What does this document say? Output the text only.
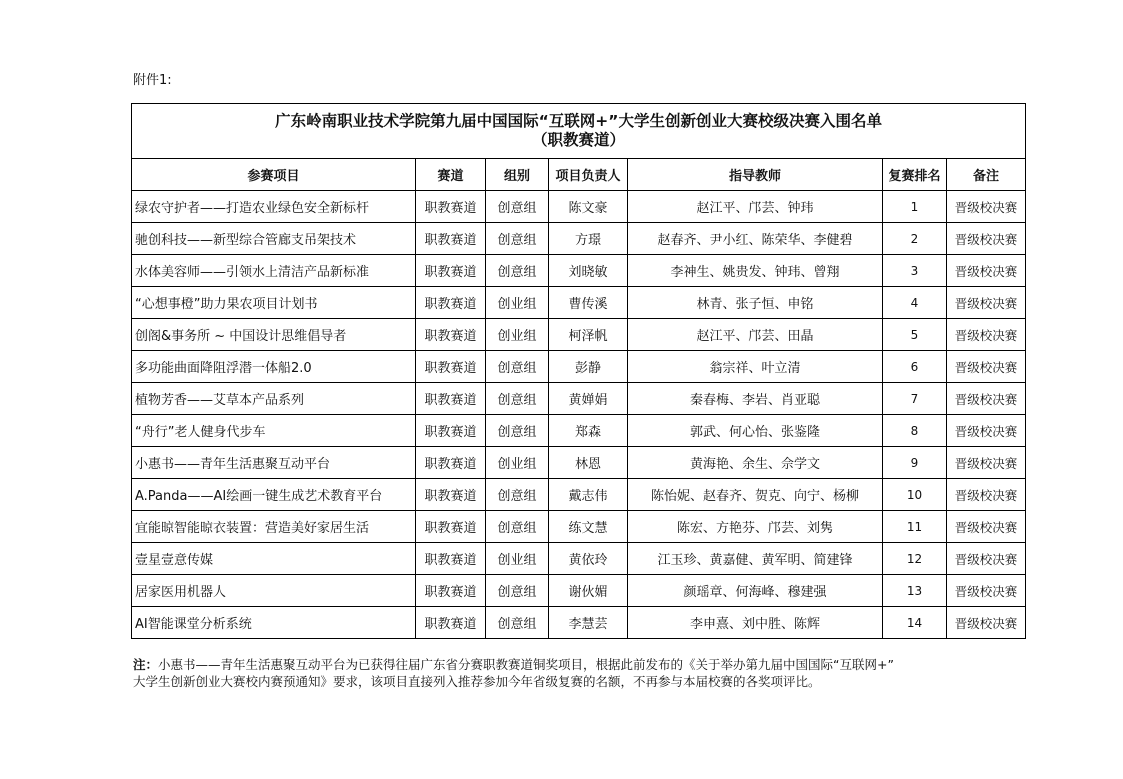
附件1:
广东岭南职业技术学院第九届中国国际“互联网+”大学生创新创业大赛校级决赛入围名单
（职教赛道）						

参赛项目	赛道	组别	项目负责人	指导教师	复赛排名	备注
绿农守护者——打造农业绿色安全新标杆	职教赛道	创意组	陈文豪	赵江平、邝芸、钟玮	1	晋级校决赛
驰创科技——新型综合管廊支吊架技术	职教赛道	创意组	方璟	赵春齐、尹小红、陈荣华、李健碧	2	晋级校决赛
水体美容师——引领水上清洁产品新标准	职教赛道	创意组	刘晓敏	李神生、姚贵发、钟玮、曾翔	3	晋级校决赛
“心想事橙”助力果农项目计划书	职教赛道	创业组	曹传溪	林青、张子恒、申铭	4	晋级校决赛
创阁&事务所 ~ 中国设计思维倡导者	职教赛道	创业组	柯泽帆	赵江平、邝芸、田晶	5	晋级校决赛
多功能曲面降阻浮潜一体船2.0	职教赛道	创意组	彭静	翁宗祥、叶立清	6	晋级校决赛
植物芳香——艾草本产品系列	职教赛道	创意组	黄婵娟	秦春梅、李岩、肖亚聪	7	晋级校决赛
“舟行”老人健身代步车	职教赛道	创意组	郑森	郭武、何心怡、张鉴隆	8	晋级校决赛
小惠书——青年生活惠聚互动平台	职教赛道	创业组	林恩	黄海艳、余生、佘学文	9	晋级校决赛
A.Panda——AI绘画一键生成艺术教育平台	职教赛道	创意组	戴志伟	陈怡妮、赵春齐、贺克、向宁、杨柳	10	晋级校决赛
宜能晾智能晾衣装置：营造美好家居生活	职教赛道	创意组	练文慧	陈宏、方艳芬、邝芸、刘隽	11	晋级校决赛
壹星壹意传媒	职教赛道	创业组	黄依玲	江玉珍、黄嘉健、黄军明、简建锋	12	晋级校决赛
居家医用机器人	职教赛道	创意组	谢伙媚	颜瑶章、何海峰、穆建强	13	晋级校决赛
AI智能课堂分析系统	职教赛道	创意组	李慧芸	李申熹、刘中胜、陈辉	14	晋级校决赛
注：小惠书——青年生活惠聚互动平台为已获得往届广东省分赛职教赛道铜奖项目，根据此前发布的《关于举办第九届中国国际“互联网+”
大学生创新创业大赛校内赛预通知》要求，该项目直接列入推荐参加今年省级复赛的名额，不再参与本届校赛的各奖项评比。
